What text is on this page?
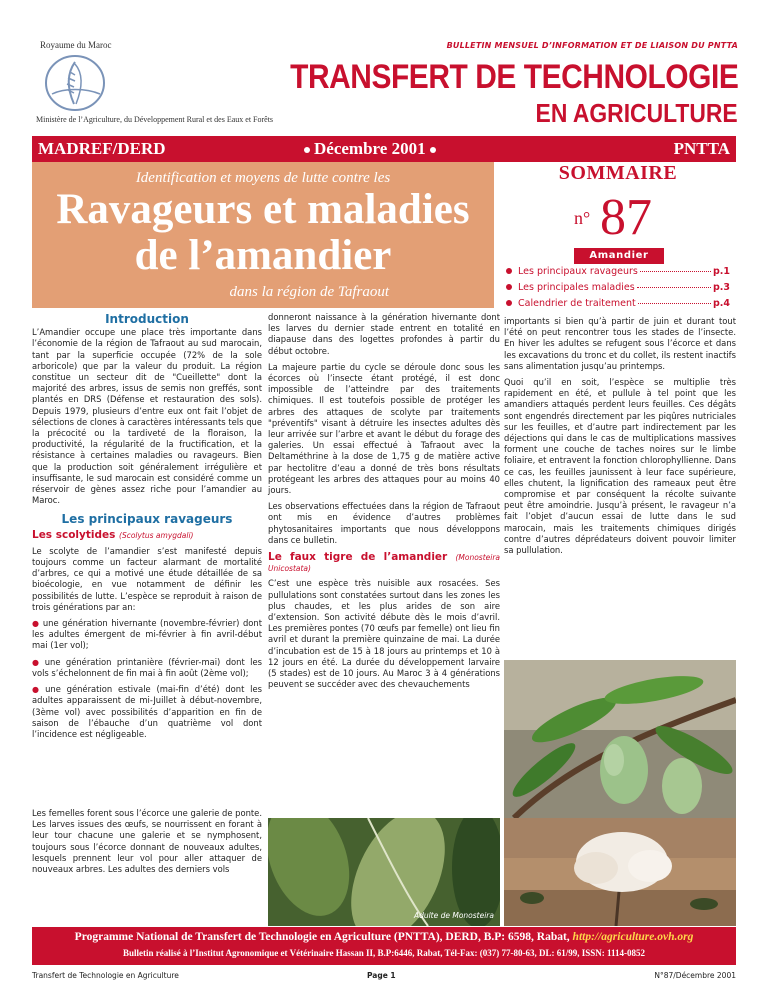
Royaume du Maroc	BULLETIN MENSUEL D’INFORMATION ET DE LIAISON DU PNTTA
TRANSFERT DE TECHNOLOGIE
EN AGRICULTURE
Ministère de l’Agriculture, du Développement Rural et des Eaux et Forêts
MADREF/DERD	Décembre 2001	PNTTA
Identification et moyens de lutte contre les
Ravageurs et maladies
de l’amandier
dans la région de Tafraout
SOMMAIRE
n° 87
Amandier
Les principaux ravageurs	p.1
Les principales maladies	p.3
Calendrier de traitement	p.4
Introduction

L’Amandier occupe une place très importante dans l’économie de la région de Tafraout au sud marocain, tant par la superficie occupée (72% de la sole arboricole) que par la valeur du produit. La région constitue un secteur dit de "Cueillette" dont la majorité des arbres, issus de semis non greffés, sont plantés en DRS (Défense et restauration des sols). Depuis 1979, plusieurs d’entre eux ont fait l’objet de sélections de clones à caractères intéressants tels que la précocité ou la tardiveté de la floraison, la productivité, la régularité de la fructification, et la résistance à certaines maladies ou ravageurs. Bien que la production soit généralement irrégulière et insuffisante, le sud marocain est considéré comme un réservoir de gènes assez riche pour l’amandier au Maroc.

Les principaux ravageurs
Les scolytides (Scolytus amygdali)

Le scolyte de l’amandier s’est manifesté depuis toujours comme un facteur alarmant de mortalité d’arbres, ce qui a motivé une étude détaillée de sa bioécologie, en vue notamment de définir les possibilités de lutte. L’espèce se reproduit à raison de trois générations par an:

● une génération hivernante (novembre-février) dont les adultes émergent de mi-février à fin avril-début mai (1er vol);

● une génération printanière (février-mai) dont les vols s’échelonnent de fin mai à fin août (2ème vol);

● une génération estivale (mai-fin d’été) dont les adultes apparaissent de mi-Juillet à début-novembre, (3ème vol) avec possibilités d’apparition en fin de saison de l’ébauche d’un quatrième vol dont l’incidence est négligeable.

donneront naissance à la génération hivernante dont les larves du dernier stade entrent en totalité en diapause dans des logettes profondes à partir du début octobre.

La majeure partie du cycle se déroule donc sous les écorces où l’insecte étant protégé, il est donc impossible de l’atteindre par des traitements chimiques. Il est toutefois possible de protéger les arbres des attaques de scolyte par traitements "préventifs" visant à détruire les insectes adultes dès leur arrivée sur l’arbre et avant le début du forage des galeries. Un essai effectué à Tafraout avec la Deltaméthrine à la dose de 1,75 g de matière active par hectolitre d’eau a donné de très bons résultats protégeant les arbres des attaques pour au moins 40 jours.

Les observations effectuées dans la région de Tafraout ont mis en évidence d’autres problèmes phytosanitaires importants que nous développons dans ce bulletin.

Le faux tigre de l’amandier (Monosteira Unicostata)

C’est une espèce très nuisible aux rosacées. Ses pullulations sont constatées surtout dans les zones les plus chaudes, et les plus arides de son aire d’extension. Son activité débute dès le mois d’avril. Les premières pontes (70 œufs par femelle) ont lieu fin avril et durant la première quinzaine de mai. La durée d’incubation est de 15 à 18 jours au printemps et 10 à 12 jours en été. La durée du développement larvaire (5 stades) est de 10 jours. Au Maroc 3 à 4 générations peuvent se succéder avec des chevauchements

importants si bien qu’à partir de juin et durant tout l’été on peut rencontrer tous les stades de l’insecte. En hiver les adultes se refugent sous l’écorce et dans les excavations du tronc et du collet, ils restent inactifs sans alimentation jusqu’au printemps.

Quoi qu’il en soit, l’espèce se multiplie très rapidement en été, et pullule à tel point que les amandiers attaqués perdent leurs feuilles. Ces dégâts sont engendrés directement par les piqûres nutriciales sur les feuilles, et d’autre part indirectement par les déjections qui dans le cas de multiplications massives forment une couche de taches noires sur le limbe foliaire, et entravent la fonction chlorophyllienne. Dans ce cas, les feuilles jaunissent à leur face supérieure, elles chutent, la lignification des rameaux peut être compromise et par conséquent la récolte suivante peut être amoindrie. Jusqu’à présent, le ravageur n’a fait l’objet d’aucun essai de lutte dans le sud marocain, mais les traitements chimiques dirigés contre d’autres déprédateurs doivent pouvoir limiter sa pullulation.

Les femelles forent sous l’écorce une galerie de ponte. Les larves issues des œufs, se nourrissent en forant à leur tour chacune une galerie et se nymphosent, toujours sous l’écorce donnant de nouveaux adultes, lesquels prennent leur vol pour aller attaquer de nouveaux arbres. Les adultes des derniers vols

Adulte de Monosteira
Programme National de Transfert de Technologie en Agriculture (PNTTA), DERD, B.P: 6598, Rabat, http://agriculture.ovh.org
Bulletin réalisé à l’Institut Agronomique et Vétérinaire Hassan II, B.P:6446, Rabat, Tél-Fax: (037) 77-80-63, DL: 61/99, ISSN: 1114-0852
Transfert de Technologie en Agriculture	Page 1	N°87/Décembre 2001
